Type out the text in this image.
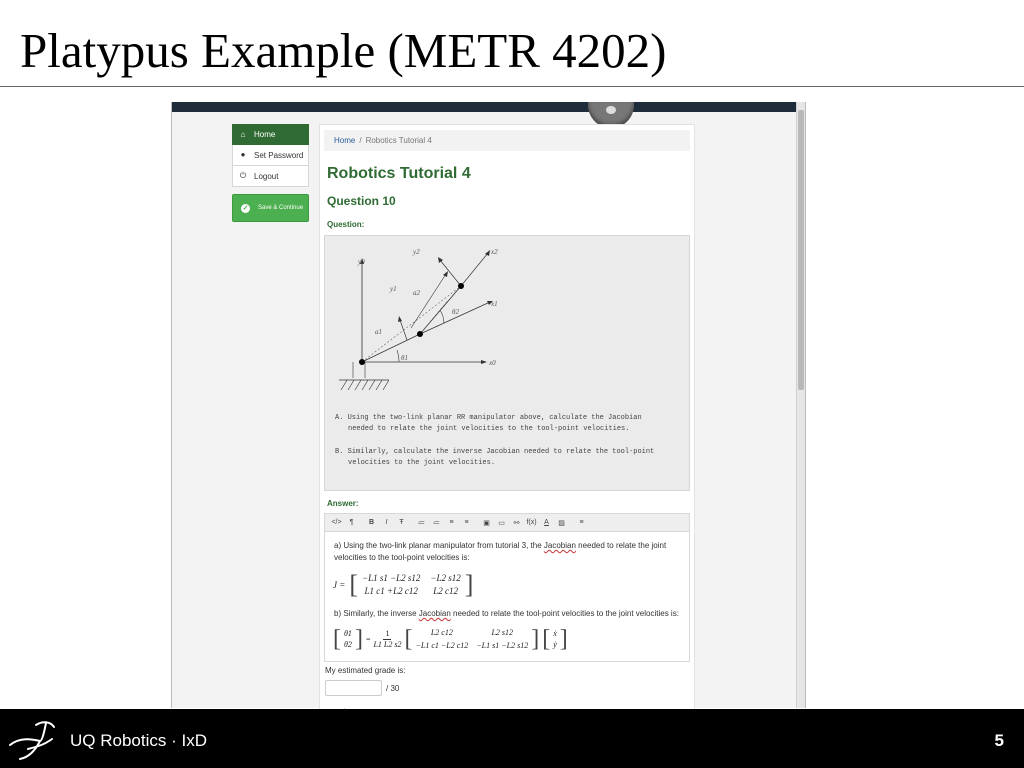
Platypus Example (METR 4202)
⌂ Home
● Set Password
⏻ Logout
✓ Save & Continue
Home / Robotics Tutorial 4
Robotics Tutorial 4
Question 10
Question:
y0
x0
y1
x1
y2	x2
a1
a2
θ1
θ2
A. Using the two-link planar RR manipulator above, calculate the Jacobian
needed to relate the joint velocities to the tool-point velocities.
B. Similarly, calculate the inverse Jacobian needed to relate the tool-point
velocities to the joint velocities.
Answer:
</>	¶	B	I	Ŧ	≔	≔	≡	≡	▣	▭	⚯	f(x)	A	▨	≡
a) Using the two-link planar manipulator from tutorial 3, the Jacobian needed to relate the joint
velocities to the tool-point velocities is:
J = [ −L1 s1 −L2 s12 −L2 s12
L1 c1 +L2 c12	L2 c12 ]
b) Similarly, the inverse Jacobian needed to relate the tool-point velocities to the joint velocities is:
[ θ̇1
θ̇2 ] = $\frac{1}{L1 L2 s2}$ [	L2 c12	L2 s12
−L1 c1 −L2 c12 −L1 s1 −L2 s12 ] [ ẋ
ẏ ]
My estimated grade is:
/ 30
UQ Robotics · IxD	5
